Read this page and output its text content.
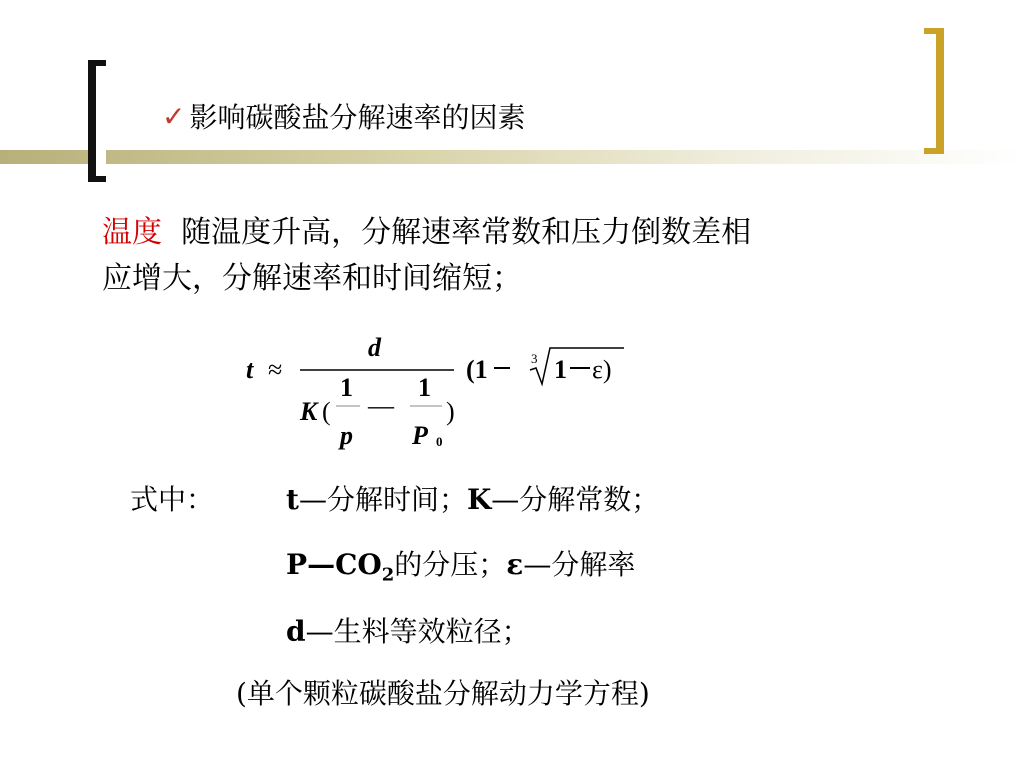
✓ 影响碳酸盐分解速率的因素
温度 随温度升高，分解速率常数和压力倒数差相
应增大，分解速率和时间缩短；
t ≈
d
K (
1
p
—
1
P 0
)
(1	3 1 ε)
式中：	t—分解时间；K—分解常数；
$P—CO_2$的分压；ε—分解率
d—生料等效粒径；
(单个颗粒碳酸盐分解动力学方程)
